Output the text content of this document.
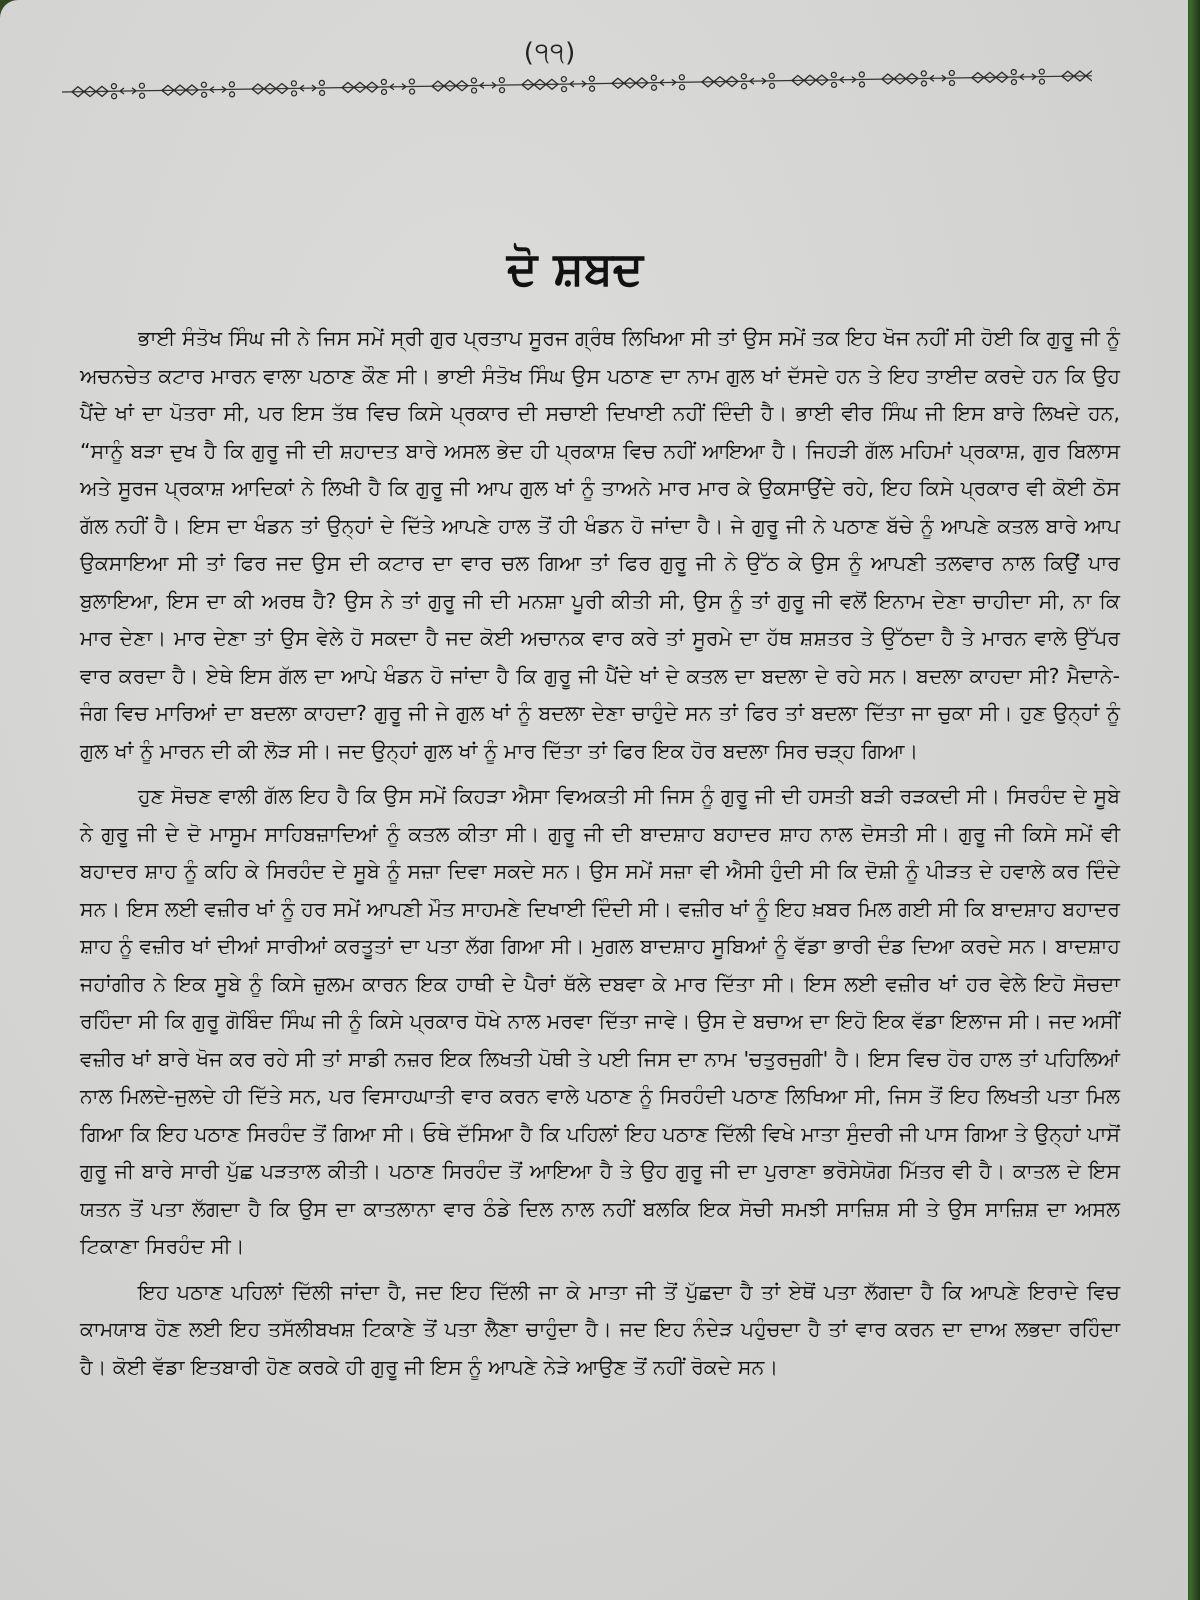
(੧੧)
ਦੋ ਸ਼ਬਦ

ਭਾਈ ਸੰਤੋਖ ਸਿੰਘ ਜੀ ਨੇ ਜਿਸ ਸਮੇਂ ਸ੍ਰੀ ਗੁਰ ਪ੍ਰਤਾਪ ਸੂਰਜ ਗ੍ਰੰਥ ਲਿਖਿਆ ਸੀ ਤਾਂ ਉਸ ਸਮੇਂ ਤਕ ਇਹ ਖੋਜ ਨਹੀਂ ਸੀ ਹੋਈ ਕਿ ਗੁਰੂ ਜੀ ਨੂੰ ਅਚਨਚੇਤ ਕਟਾਰ ਮਾਰਨ ਵਾਲਾ ਪਠਾਣ ਕੌਣ ਸੀ। ਭਾਈ ਸੰਤੋਖ ਸਿੰਘ ਉਸ ਪਠਾਣ ਦਾ ਨਾਮ ਗੁਲ ਖਾਂ ਦੱਸਦੇ ਹਨ ਤੇ ਇਹ ਤਾਈਦ ਕਰਦੇ ਹਨ ਕਿ ਉਹ ਪੈਂਦੇ ਖਾਂ ਦਾ ਪੋਤਰਾ ਸੀ, ਪਰ ਇਸ ਤੱਥ ਵਿਚ ਕਿਸੇ ਪ੍ਰਕਾਰ ਦੀ ਸਚਾਈ ਦਿਖਾਈ ਨਹੀਂ ਦਿੰਦੀ ਹੈ। ਭਾਈ ਵੀਰ ਸਿੰਘ ਜੀ ਇਸ ਬਾਰੇ ਲਿਖਦੇ ਹਨ, “ਸਾਨੂੰ ਬੜਾ ਦੁਖ ਹੈ ਕਿ ਗੁਰੂ ਜੀ ਦੀ ਸ਼ਹਾਦਤ ਬਾਰੇ ਅਸਲ ਭੇਦ ਹੀ ਪ੍ਰਕਾਸ਼ ਵਿਚ ਨਹੀਂ ਆਇਆ ਹੈ। ਜਿਹੜੀ ਗੱਲ ਮਹਿਮਾਂ ਪ੍ਰਕਾਸ਼, ਗੁਰ ਬਿਲਾਸ ਅਤੇ ਸੂਰਜ ਪ੍ਰਕਾਸ਼ ਆਦਿਕਾਂ ਨੇ ਲਿਖੀ ਹੈ ਕਿ ਗੁਰੂ ਜੀ ਆਪ ਗੁਲ ਖਾਂ ਨੂੰ ਤਾਅਨੇ ਮਾਰ ਮਾਰ ਕੇ ਉਕਸਾਉਂਦੇ ਰਹੇ, ਇਹ ਕਿਸੇ ਪ੍ਰਕਾਰ ਵੀ ਕੋਈ ਠੋਸ ਗੱਲ ਨਹੀਂ ਹੈ। ਇਸ ਦਾ ਖੰਡਨ ਤਾਂ ਉਨ੍ਹਾਂ ਦੇ ਦਿੱਤੇ ਆਪਣੇ ਹਾਲ ਤੋਂ ਹੀ ਖੰਡਨ ਹੋ ਜਾਂਦਾ ਹੈ। ਜੇ ਗੁਰੂ ਜੀ ਨੇ ਪਠਾਣ ਬੱਚੇ ਨੂੰ ਆਪਣੇ ਕਤਲ ਬਾਰੇ ਆਪ ਉਕਸਾਇਆ ਸੀ ਤਾਂ ਫਿਰ ਜਦ ਉਸ ਦੀ ਕਟਾਰ ਦਾ ਵਾਰ ਚਲ ਗਿਆ ਤਾਂ ਫਿਰ ਗੁਰੂ ਜੀ ਨੇ ਉੱਠ ਕੇ ਉਸ ਨੂੰ ਆਪਣੀ ਤਲਵਾਰ ਨਾਲ ਕਿਉਂ ਪਾਰ ਬੁਲਾਇਆ, ਇਸ ਦਾ ਕੀ ਅਰਥ ਹੈ? ਉਸ ਨੇ ਤਾਂ ਗੁਰੂ ਜੀ ਦੀ ਮਨਸ਼ਾ ਪੂਰੀ ਕੀਤੀ ਸੀ, ਉਸ ਨੂੰ ਤਾਂ ਗੁਰੂ ਜੀ ਵਲੋਂ ਇਨਾਮ ਦੇਣਾ ਚਾਹੀਦਾ ਸੀ, ਨਾ ਕਿ ਮਾਰ ਦੇਣਾ। ਮਾਰ ਦੇਣਾ ਤਾਂ ਉਸ ਵੇਲੇ ਹੋ ਸਕਦਾ ਹੈ ਜਦ ਕੋਈ ਅਚਾਨਕ ਵਾਰ ਕਰੇ ਤਾਂ ਸੂਰਮੇ ਦਾ ਹੱਥ ਸ਼ਸ਼ਤਰ ਤੇ ਉੱਠਦਾ ਹੈ ਤੇ ਮਾਰਨ ਵਾਲੇ ਉੱਪਰ ਵਾਰ ਕਰਦਾ ਹੈ। ਏਥੇ ਇਸ ਗੱਲ ਦਾ ਆਪੇ ਖੰਡਨ ਹੋ ਜਾਂਦਾ ਹੈ ਕਿ ਗੁਰੂ ਜੀ ਪੈਂਦੇ ਖਾਂ ਦੇ ਕਤਲ ਦਾ ਬਦਲਾ ਦੇ ਰਹੇ ਸਨ। ਬਦਲਾ ਕਾਹਦਾ ਸੀ? ਮੈਦਾਨੇ-ਜੰਗ ਵਿਚ ਮਾਰਿਆਂ ਦਾ ਬਦਲਾ ਕਾਹਦਾ? ਗੁਰੂ ਜੀ ਜੇ ਗੁਲ ਖਾਂ ਨੂੰ ਬਦਲਾ ਦੇਣਾ ਚਾਹੁੰਦੇ ਸਨ ਤਾਂ ਫਿਰ ਤਾਂ ਬਦਲਾ ਦਿੱਤਾ ਜਾ ਚੁਕਾ ਸੀ। ਹੁਣ ਉਨ੍ਹਾਂ ਨੂੰ ਗੁਲ ਖਾਂ ਨੂੰ ਮਾਰਨ ਦੀ ਕੀ ਲੋੜ ਸੀ। ਜਦ ਉਨ੍ਹਾਂ ਗੁਲ ਖਾਂ ਨੂੰ ਮਾਰ ਦਿੱਤਾ ਤਾਂ ਫਿਰ ਇਕ ਹੋਰ ਬਦਲਾ ਸਿਰ ਚੜ੍ਹ ਗਿਆ।

ਹੁਣ ਸੋਚਣ ਵਾਲੀ ਗੱਲ ਇਹ ਹੈ ਕਿ ਉਸ ਸਮੇਂ ਕਿਹੜਾ ਐਸਾ ਵਿਅਕਤੀ ਸੀ ਜਿਸ ਨੂੰ ਗੁਰੂ ਜੀ ਦੀ ਹਸਤੀ ਬੜੀ ਰੜਕਦੀ ਸੀ। ਸਿਰਹੰਦ ਦੇ ਸੂਬੇ ਨੇ ਗੁਰੂ ਜੀ ਦੇ ਦੋ ਮਾਸੂਮ ਸਾਹਿਬਜ਼ਾਦਿਆਂ ਨੂੰ ਕਤਲ ਕੀਤਾ ਸੀ। ਗੁਰੂ ਜੀ ਦੀ ਬਾਦਸ਼ਾਹ ਬਹਾਦਰ ਸ਼ਾਹ ਨਾਲ ਦੋਸਤੀ ਸੀ। ਗੁਰੂ ਜੀ ਕਿਸੇ ਸਮੇਂ ਵੀ ਬਹਾਦਰ ਸ਼ਾਹ ਨੂੰ ਕਹਿ ਕੇ ਸਿਰਹੰਦ ਦੇ ਸੂਬੇ ਨੂੰ ਸਜ਼ਾ ਦਿਵਾ ਸਕਦੇ ਸਨ। ਉਸ ਸਮੇਂ ਸਜ਼ਾ ਵੀ ਐਸੀ ਹੁੰਦੀ ਸੀ ਕਿ ਦੋਸ਼ੀ ਨੂੰ ਪੀੜਤ ਦੇ ਹਵਾਲੇ ਕਰ ਦਿੰਦੇ ਸਨ। ਇਸ ਲਈ ਵਜ਼ੀਰ ਖਾਂ ਨੂੰ ਹਰ ਸਮੇਂ ਆਪਣੀ ਮੌਤ ਸਾਹਮਣੇ ਦਿਖਾਈ ਦਿੰਦੀ ਸੀ। ਵਜ਼ੀਰ ਖਾਂ ਨੂੰ ਇਹ ਖ਼ਬਰ ਮਿਲ ਗਈ ਸੀ ਕਿ ਬਾਦਸ਼ਾਹ ਬਹਾਦਰ ਸ਼ਾਹ ਨੂੰ ਵਜ਼ੀਰ ਖਾਂ ਦੀਆਂ ਸਾਰੀਆਂ ਕਰਤੂਤਾਂ ਦਾ ਪਤਾ ਲੱਗ ਗਿਆ ਸੀ। ਮੁਗਲ ਬਾਦਸ਼ਾਹ ਸੂਬਿਆਂ ਨੂੰ ਵੱਡਾ ਭਾਰੀ ਦੰਡ ਦਿਆ ਕਰਦੇ ਸਨ। ਬਾਦਸ਼ਾਹ ਜਹਾਂਗੀਰ ਨੇ ਇਕ ਸੂਬੇ ਨੂੰ ਕਿਸੇ ਜ਼ੁਲਮ ਕਾਰਨ ਇਕ ਹਾਥੀ ਦੇ ਪੈਰਾਂ ਥੱਲੇ ਦਬਵਾ ਕੇ ਮਾਰ ਦਿੱਤਾ ਸੀ। ਇਸ ਲਈ ਵਜ਼ੀਰ ਖਾਂ ਹਰ ਵੇਲੇ ਇਹੋ ਸੋਚਦਾ ਰਹਿੰਦਾ ਸੀ ਕਿ ਗੁਰੂ ਗੋਬਿੰਦ ਸਿੰਘ ਜੀ ਨੂੰ ਕਿਸੇ ਪ੍ਰਕਾਰ ਧੋਖੇ ਨਾਲ ਮਰਵਾ ਦਿੱਤਾ ਜਾਵੇ। ਉਸ ਦੇ ਬਚਾਅ ਦਾ ਇਹੋ ਇਕ ਵੱਡਾ ਇਲਾਜ ਸੀ। ਜਦ ਅਸੀਂ ਵਜ਼ੀਰ ਖਾਂ ਬਾਰੇ ਖੋਜ ਕਰ ਰਹੇ ਸੀ ਤਾਂ ਸਾਡੀ ਨਜ਼ਰ ਇਕ ਲਿਖਤੀ ਪੋਥੀ ਤੇ ਪਈ ਜਿਸ ਦਾ ਨਾਮ 'ਚਤੁਰਜੁਗੀ' ਹੈ। ਇਸ ਵਿਚ ਹੋਰ ਹਾਲ ਤਾਂ ਪਹਿਲਿਆਂ ਨਾਲ ਮਿਲਦੇ-ਜੁਲਦੇ ਹੀ ਦਿੱਤੇ ਸਨ, ਪਰ ਵਿਸਾਹਘਾਤੀ ਵਾਰ ਕਰਨ ਵਾਲੇ ਪਠਾਣ ਨੂੰ ਸਿਰਹੰਦੀ ਪਠਾਣ ਲਿਖਿਆ ਸੀ, ਜਿਸ ਤੋਂ ਇਹ ਲਿਖਤੀ ਪਤਾ ਮਿਲ ਗਿਆ ਕਿ ਇਹ ਪਠਾਣ ਸਿਰਹੰਦ ਤੋਂ ਗਿਆ ਸੀ। ਓਥੇ ਦੱਸਿਆ ਹੈ ਕਿ ਪਹਿਲਾਂ ਇਹ ਪਠਾਣ ਦਿੱਲੀ ਵਿਖੇ ਮਾਤਾ ਸੁੰਦਰੀ ਜੀ ਪਾਸ ਗਿਆ ਤੇ ਉਨ੍ਹਾਂ ਪਾਸੋਂ ਗੁਰੂ ਜੀ ਬਾਰੇ ਸਾਰੀ ਪੁੱਛ ਪੜਤਾਲ ਕੀਤੀ। ਪਠਾਣ ਸਿਰਹੰਦ ਤੋਂ ਆਇਆ ਹੈ ਤੇ ਉਹ ਗੁਰੂ ਜੀ ਦਾ ਪੁਰਾਣਾ ਭਰੋਸੇਯੋਗ ਮਿੱਤਰ ਵੀ ਹੈ। ਕਾਤਲ ਦੇ ਇਸ ਯਤਨ ਤੋਂ ਪਤਾ ਲੱਗਦਾ ਹੈ ਕਿ ਉਸ ਦਾ ਕਾਤਲਾਨਾ ਵਾਰ ਠੰਡੇ ਦਿਲ ਨਾਲ ਨਹੀਂ ਬਲਕਿ ਇਕ ਸੋਚੀ ਸਮਝੀ ਸਾਜ਼ਿਸ਼ ਸੀ ਤੇ ਉਸ ਸਾਜ਼ਿਸ਼ ਦਾ ਅਸਲ ਟਿਕਾਣਾ ਸਿਰਹੰਦ ਸੀ।

ਇਹ ਪਠਾਣ ਪਹਿਲਾਂ ਦਿੱਲੀ ਜਾਂਦਾ ਹੈ, ਜਦ ਇਹ ਦਿੱਲੀ ਜਾ ਕੇ ਮਾਤਾ ਜੀ ਤੋਂ ਪੁੱਛਦਾ ਹੈ ਤਾਂ ਏਥੋਂ ਪਤਾ ਲੱਗਦਾ ਹੈ ਕਿ ਆਪਣੇ ਇਰਾਦੇ ਵਿਚ ਕਾਮਯਾਬ ਹੋਣ ਲਈ ਇਹ ਤਸੱਲੀਬਖਸ਼ ਟਿਕਾਣੇ ਤੋਂ ਪਤਾ ਲੈਣਾ ਚਾਹੁੰਦਾ ਹੈ। ਜਦ ਇਹ ਨੰਦੇੜ ਪਹੁੰਚਦਾ ਹੈ ਤਾਂ ਵਾਰ ਕਰਨ ਦਾ ਦਾਅ ਲਭਦਾ ਰਹਿੰਦਾ ਹੈ। ਕੋਈ ਵੱਡਾ ਇਤਬਾਰੀ ਹੋਣ ਕਰਕੇ ਹੀ ਗੁਰੂ ਜੀ ਇਸ ਨੂੰ ਆਪਣੇ ਨੇੜੇ ਆਉਣ ਤੋਂ ਨਹੀਂ ਰੋਕਦੇ ਸਨ।
